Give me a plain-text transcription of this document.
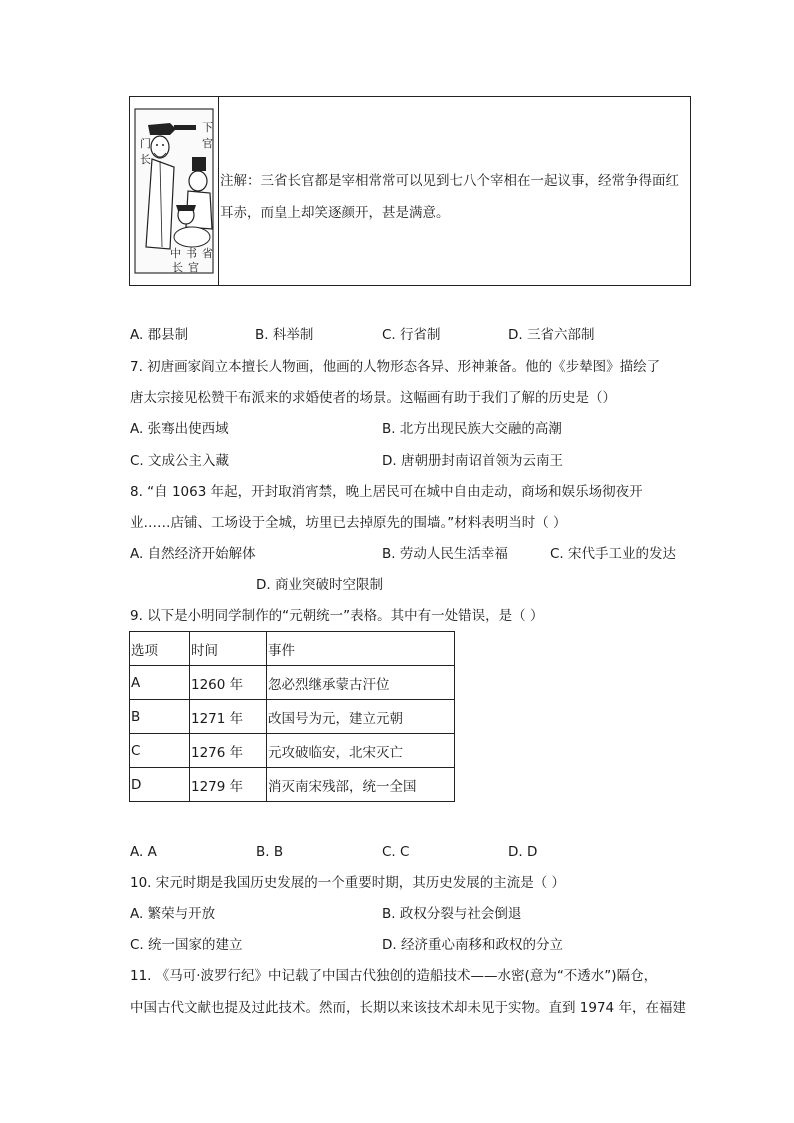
下官
门长
中 书 省 长 官
注解：三省长官都是宰相常常可以见到七八个宰相在一起议事，经常争得面红耳赤，而皇上却笑逐颜开，甚是满意。
A. 郡县制	B. 科举制	C. 行省制	D. 三省六部制
7. 初唐画家阎立本擅长人物画，他画的人物形态各异、形神兼备。他的《步辇图》描绘了
唐太宗接见松赞干布派来的求婚使者的场景。这幅画有助于我们了解的历史是（）
A. 张骞出使西域	B. 北方出现民族大交融的高潮
C. 文成公主入藏	D. 唐朝册封南诏首领为云南王
8. “自 1063 年起，开封取消宵禁，晚上居民可在城中自由走动，商场和娱乐场彻夜开
业……店铺、工场设于全城，坊里已去掉原先的围墙。”材料表明当时（ ）
A. 自然经济开始解体	B. 劳动人民生活幸福	C. 宋代手工业的发达
D. 商业突破时空限制
9. 以下是小明同学制作的“元朝统一”表格。其中有一处错误，是（ ）
选项	时间	事件
A	1260 年	忽必烈继承蒙古汗位
B	1271 年	改国号为元，建立元朝
C	1276 年	元攻破临安，北宋灭亡
D	1279 年	消灭南宋残部，统一全国
A. A	B. B	C. C	D. D
10. 宋元时期是我国历史发展的一个重要时期，其历史发展的主流是（ ）
A. 繁荣与开放	B. 政权分裂与社会倒退
C. 统一国家的建立	D. 经济重心南移和政权的分立
11. 《马可·波罗行纪》中记载了中国古代独创的造船技术——水密(意为“不透水”)隔仓，
中国古代文献也提及过此技术。然而，长期以来该技术却未见于实物。直到 1974 年，在福建
